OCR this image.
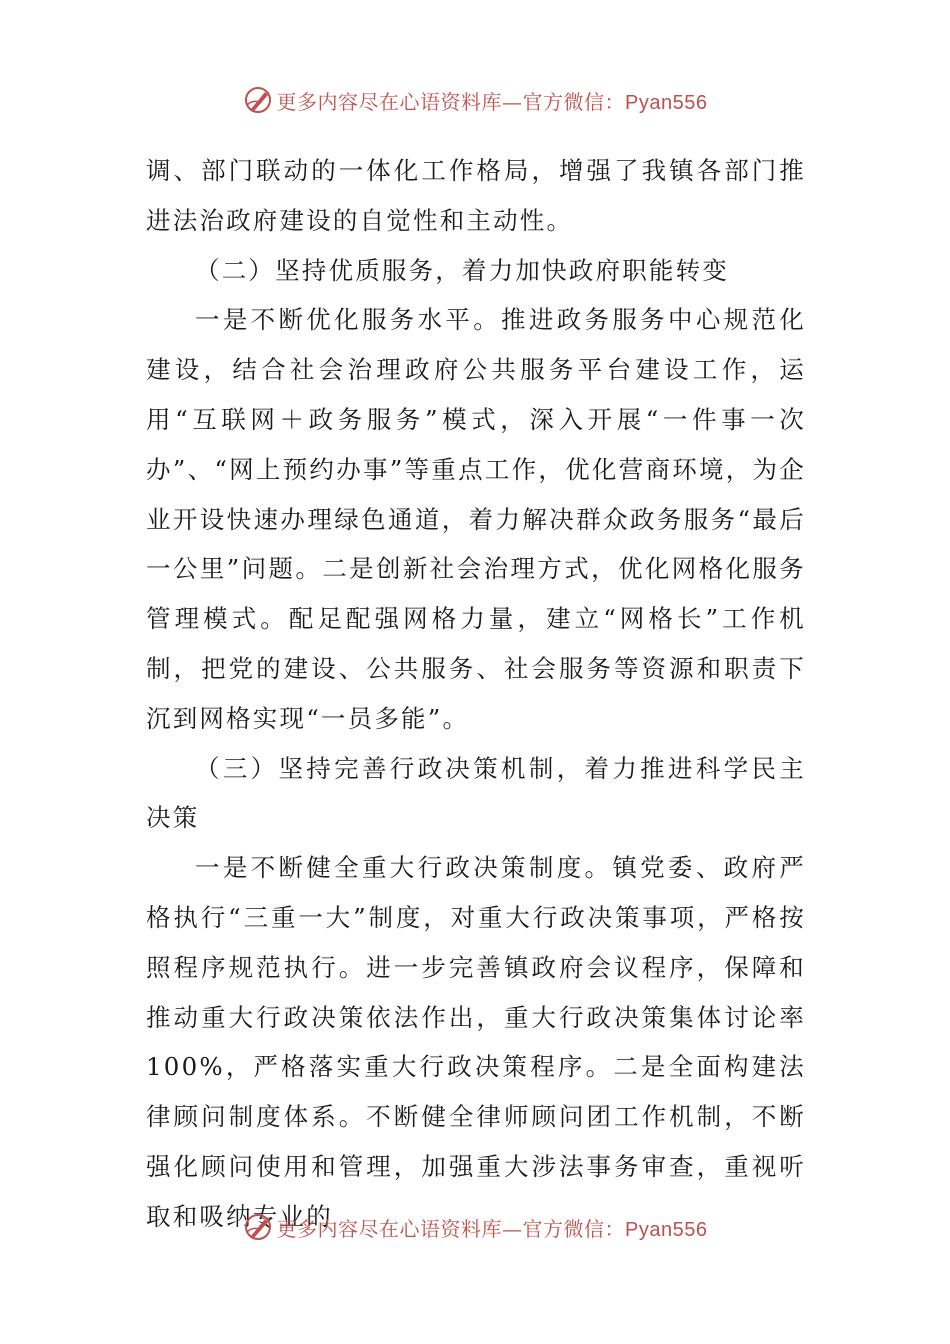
更多内容尽在心语资料库—官方微信：Pyan556

调、部门联动的一体化工作格局，增强了我镇各部门推进法治政府建设的自觉性和主动性。

（二）坚持优质服务，着力加快政府职能转变

一是不断优化服务水平。推进政务服务中心规范化建设，结合社会治理政府公共服务平台建设工作，运用“互联网＋政务服务”模式，深入开展“一件事一次办”、“网上预约办事”等重点工作，优化营商环境，为企业开设快速办理绿色通道，着力解决群众政务服务“最后一公里”问题。二是创新社会治理方式，优化网格化服务管理模式。配足配强网格力量，建立“网格长”工作机制，把党的建设、公共服务、社会服务等资源和职责下沉到网格实现“一员多能”。

（三）坚持完善行政决策机制，着力推进科学民主决策

一是不断健全重大行政决策制度。镇党委、政府严格执行“三重一大”制度，对重大行政决策事项，严格按照程序规范执行。进一步完善镇政府会议程序，保障和推动重大行政决策依法作出，重大行政决策集体讨论率100%，严格落实重大行政决策程序。二是全面构建法律顾问制度体系。不断健全律师顾问团工作机制，不断强化顾问使用和管理，加强重大涉法事务审查，重视听取和吸纳专业的

更多内容尽在心语资料库—官方微信：Pyan556
